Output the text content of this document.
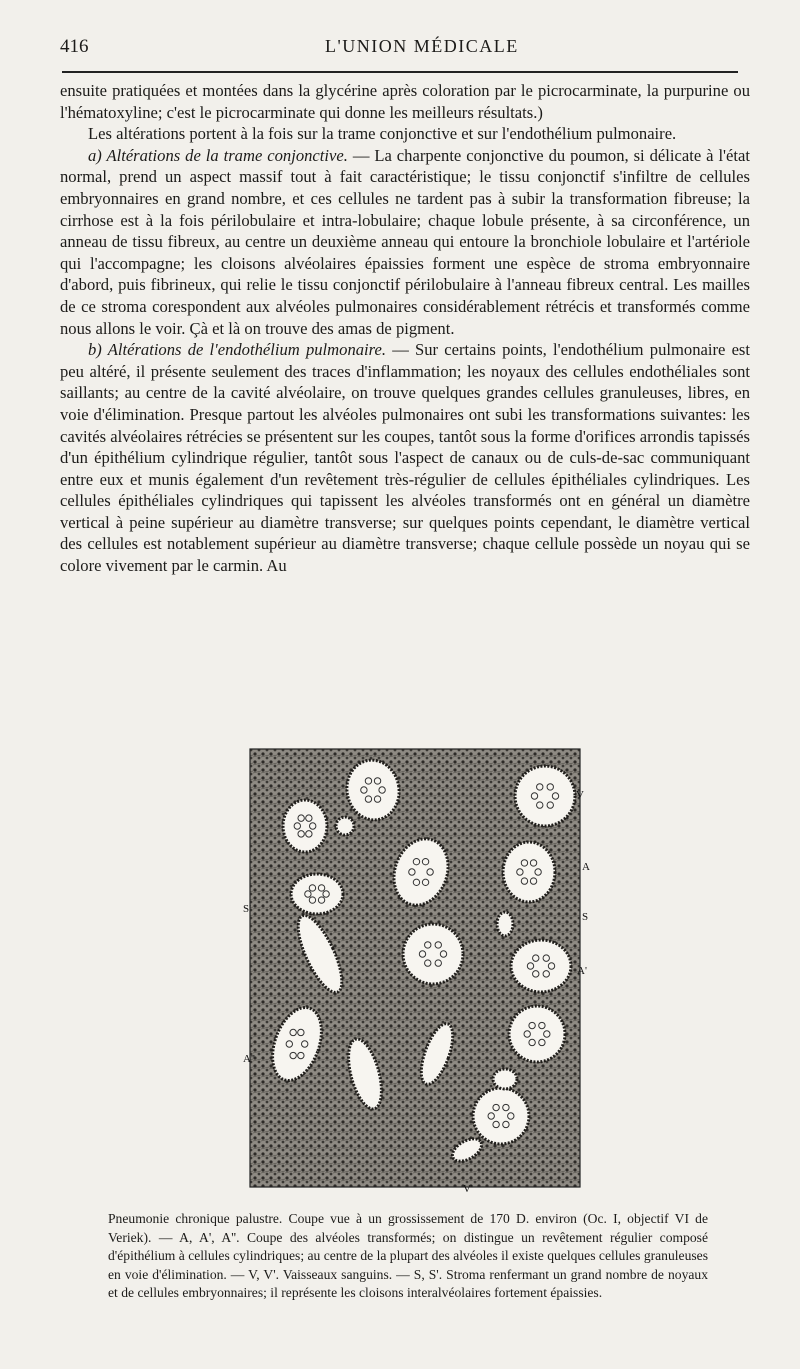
416	L'UNION MÉDICALE

ensuite pratiquées et montées dans la glycérine après coloration par le picrocarminate, la purpurine ou l'hématoxyline; c'est le picrocarminate qui donne les meilleurs résultats.)

Les altérations portent à la fois sur la trame conjonctive et sur l'endothélium pulmonaire.

a) Altérations de la trame conjonctive. — La charpente conjonctive du poumon, si délicate à l'état normal, prend un aspect massif tout à fait caractéristique; le tissu conjonctif s'infiltre de cellules embryonnaires en grand nombre, et ces cellules ne tardent pas à subir la transformation fibreuse; la cirrhose est à la fois périlobulaire et intra-lobulaire; chaque lobule présente, à sa circonférence, un anneau de tissu fibreux, au centre un deuxième anneau qui entoure la bronchiole lobulaire et l'artériole qui l'accompagne; les cloisons alvéolaires épaissies forment une espèce de stroma embryonnaire d'abord, puis fibrineux, qui relie le tissu conjonctif périlobulaire à l'anneau fibreux central. Les mailles de ce stroma corespondent aux alvéoles pulmonaires considérablement rétrécis et transformés comme nous allons le voir. Çà et là on trouve des amas de pigment.

b) Altérations de l'endothélium pulmonaire. — Sur certains points, l'endothélium pulmonaire est peu altéré, il présente seulement des traces d'inflammation; les noyaux des cellules endothéliales sont saillants; au centre de la cavité alvéolaire, on trouve quelques grandes cellules granuleuses, libres, en voie d'élimination. Presque partout les alvéoles pulmonaires ont subi les transformations suivantes: les cavités alvéolaires rétrécies se présentent sur les coupes, tantôt sous la forme d'orifices arrondis tapissés d'un épithélium cylindrique régulier, tantôt sous l'aspect de canaux ou de culs-de-sac communiquant entre eux et munis également d'un revêtement très-régulier de cellules épithéliales cylindriques. Les cellules épithéliales cylindriques qui tapissent les alvéoles transformés ont en général un diamètre vertical à peine supérieur au diamètre transverse; sur quelques points cependant, le diamètre vertical des cellules est notablement supérieur au diamètre transverse; chaque cellule possède un noyau qui se colore vivement par le carmin. Au

V
A
S
A'
S'
A''
V'

Pneumonie chronique palustre. Coupe vue à un grossissement de 170 D. environ (Oc. I, objectif VI de Veriek). — A, A', A''. Coupe des alvéoles transformés; on distingue un revêtement régulier composé d'épithélium à cellules cylindriques; au centre de la plupart des alvéoles il existe quelques cellules granuleuses en voie d'élimination. — V, V'. Vaisseaux sanguins. — S, S'. Stroma renfermant un grand nombre de noyaux et de cellules embryonnaires; il représente les cloisons interalvéolaires fortement épaissies.
